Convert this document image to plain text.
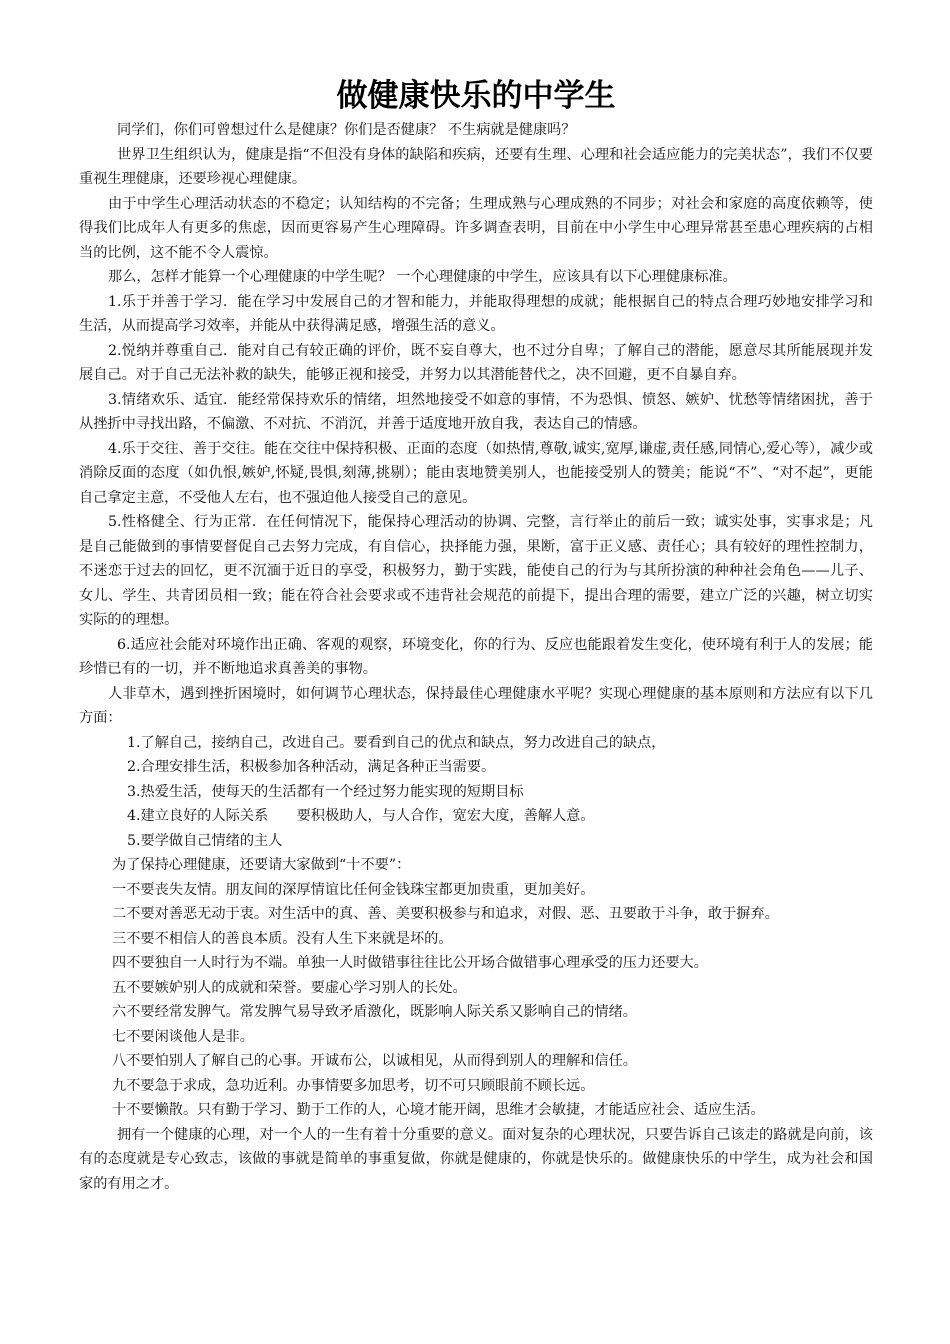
做健康快乐的中学生

同学们，你们可曾想过什么是健康？你们是否健康？ 不生病就是健康吗？

世界卫生组织认为，健康是指“不但没有身体的缺陷和疾病，还要有生理、心理和社会适应能力的完美状态”，我们不仅要重视生理健康，还要珍视心理健康。

由于中学生心理活动状态的不稳定；认知结构的不完备；生理成熟与心理成熟的不同步；对社会和家庭的高度依赖等，使得我们比成年人有更多的焦虑，因而更容易产生心理障碍。许多调查表明，目前在中小学生中心理异常甚至患心理疾病的占相当的比例，这不能不令人震惊。

那么，怎样才能算一个心理健康的中学生呢？ 一个心理健康的中学生，应该具有以下心理健康标准。

1.乐于并善于学习．能在学习中发展自己的才智和能力，并能取得理想的成就；能根据自己的特点合理巧妙地安排学习和生活，从而提高学习效率，并能从中获得满足感，增强生活的意义。

2.悦纳并尊重自己．能对自己有较正确的评价，既不妄自尊大，也不过分自卑；了解自己的潜能，愿意尽其所能展现并发展自己。对于自己无法补救的缺失，能够正视和接受，并努力以其潜能替代之，决不回避，更不自暴自弃。

3.情绪欢乐、适宜．能经常保持欢乐的情绪，坦然地接受不如意的事情，不为恐惧、愤怒、嫉妒、忧愁等情绪困扰，善于从挫折中寻找出路，不偏激、不对抗、不消沉，并善于适度地开放自我，表达自己的情感。

4.乐于交往、善于交往。能在交往中保持积极、正面的态度（如热情,尊敬,诚实,宽厚,谦虚,责任感,同情心,爱心等），减少或消除反面的态度（如仇恨,嫉妒,怀疑,畏惧,刻薄,挑剔）；能由衷地赞美别人，也能接受别人的赞美；能说“不”、“对不起”，更能自己拿定主意，不受他人左右，也不强迫他人接受自己的意见。

5.性格健全、行为正常．在任何情况下，能保持心理活动的协调、完整，言行举止的前后一致；诚实处事，实事求是；凡是自己能做到的事情要督促自己去努力完成，有自信心，抉择能力强，果断，富于正义感、责任心；具有较好的理性控制力，不迷恋于过去的回忆，更不沉湎于近日的享受，积极努力，勤于实践，能使自己的行为与其所扮演的种种社会角色——儿子、女儿、学生、共青团员相一致；能在符合社会要求或不违背社会规范的前提下，提出合理的需要，建立广泛的兴趣，树立切实实际的的理想。

6.适应社会能对环境作出正确、客观的观察，环境变化，你的行为、反应也能跟着发生变化，使环境有利于人的发展；能珍惜已有的一切，并不断地追求真善美的事物。

人非草木，遇到挫折困境时，如何调节心理状态，保持最佳心理健康水平呢？实现心理健康的基本原则和方法应有以下几方面：

1.了解自己，接纳自己，改进自己。要看到自己的优点和缺点，努力改进自己的缺点，

2.合理安排生活，积极参加各种活动，满足各种正当需要。

3.热爱生活，使每天的生活都有一个经过努力能实现的短期目标

4.建立良好的人际关系　　要积极助人，与人合作，宽宏大度，善解人意。

5.要学做自己情绪的主人

为了保持心理健康，还要请大家做到“十不要”：

一不要丧失友情。朋友间的深厚情谊比任何金钱珠宝都更加贵重，更加美好。

二不要对善恶无动于衷。对生活中的真、善、美要积极参与和追求，对假、恶、丑要敢于斗争，敢于摒弃。

三不要不相信人的善良本质。没有人生下来就是坏的。

四不要独自一人时行为不端。单独一人时做错事往往比公开场合做错事心理承受的压力还要大。

五不要嫉妒别人的成就和荣誉。要虚心学习别人的长处。

六不要经常发脾气。常发脾气易导致矛盾激化，既影响人际关系又影响自己的情绪。

七不要闲谈他人是非。

八不要怕别人了解自己的心事。开诚布公，以诚相见，从而得到别人的理解和信任。

九不要急于求成，急功近利。办事情要多加思考，切不可只顾眼前不顾长远。

十不要懒散。只有勤于学习、勤于工作的人，心境才能开阔，思维才会敏捷，才能适应社会、适应生活。

拥有一个健康的心理，对一个人的一生有着十分重要的意义。面对复杂的心理状况，只要告诉自己该走的路就是向前，该有的态度就是专心致志，该做的事就是简单的事重复做，你就是健康的，你就是快乐的。做健康快乐的中学生，成为社会和国家的有用之才。
